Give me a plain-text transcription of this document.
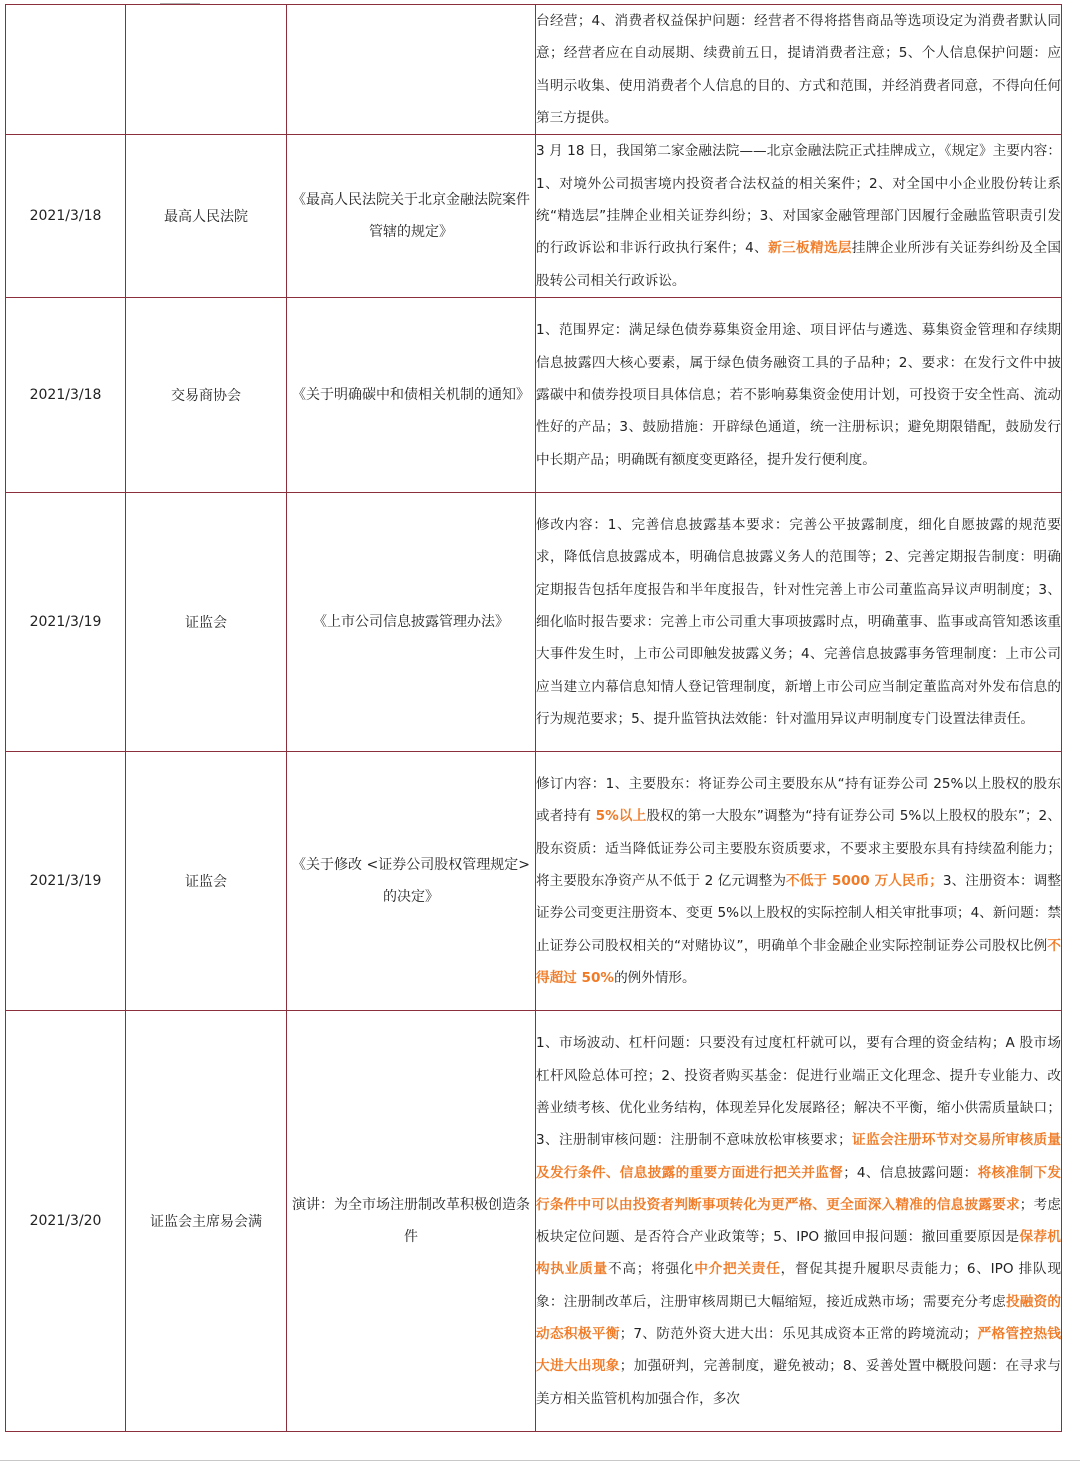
			台经营；4、消费者权益保护问题：经营者不得将搭售商品等选项设定为消费者默认同意；经营者应在自动展期、续费前五日，提请消费者注意；5、个人信息保护问题：应当明示收集、使用消费者个人信息的目的、方式和范围，并经消费者同意，不得向任何第三方提供。

2021/3/18	最高人民法院	《最高人民法院关于北京金融法院案件管辖的规定》	3 月 18 日，我国第二家金融法院——北京金融法院正式挂牌成立，《规定》主要内容：1、对境外公司损害境内投资者合法权益的相关案件；2、对全国中小企业股份转让系统“精选层”挂牌企业相关证券纠纷；3、对国家金融管理部门因履行金融监管职责引发的行政诉讼和非诉行政执行案件；4、新三板精选层挂牌企业所涉有关证券纠纷及全国股转公司相关行政诉讼。

2021/3/18	交易商协会	《关于明确碳中和债相关机制的通知》	1、范围界定：满足绿色债券募集资金用途、项目评估与遴选、募集资金管理和存续期信息披露四大核心要素，属于绿色债务融资工具的子品种；2、要求：在发行文件中披露碳中和债券投项目具体信息；若不影响募集资金使用计划，可投资于安全性高、流动性好的产品；3、鼓励措施：开辟绿色通道，统一注册标识；避免期限错配，鼓励发行中长期产品；明确既有额度变更路径，提升发行便利度。

2021/3/19	证监会	《上市公司信息披露管理办法》	修改内容：1、完善信息披露基本要求：完善公平披露制度，细化自愿披露的规范要求，降低信息披露成本，明确信息披露义务人的范围等；2、完善定期报告制度：明确定期报告包括年度报告和半年度报告，针对性完善上市公司董监高异议声明制度；3、细化临时报告要求：完善上市公司重大事项披露时点，明确董事、监事或高管知悉该重大事件发生时，上市公司即触发披露义务；4、完善信息披露事务管理制度：上市公司应当建立内幕信息知情人登记管理制度，新增上市公司应当制定董监高对外发布信息的行为规范要求；5、提升监管执法效能：针对滥用异议声明制度专门设置法律责任。

2021/3/19	证监会	《关于修改 <证券公司股权管理规定> 的决定》	修订内容：1、主要股东：将证券公司主要股东从“持有证券公司 25%以上股权的股东或者持有 5%以上股权的第一大股东”调整为“持有证券公司 5%以上股权的股东”；2、股东资质：适当降低证券公司主要股东资质要求，不要求主要股东具有持续盈利能力；将主要股东净资产从不低于 2 亿元调整为不低于 5000 万人民币；3、注册资本：调整证券公司变更注册资本、变更 5%以上股权的实际控制人相关审批事项；4、新问题：禁止证券公司股权相关的“对赌协议”，明确单个非金融企业实际控制证券公司股权比例不得超过 50%的例外情形。

2021/3/20	证监会主席易会满	演讲：为全市场注册制改革积极创造条件	1、市场波动、杠杆问题：只要没有过度杠杆就可以，要有合理的资金结构；A 股市场杠杆风险总体可控；2、投资者购买基金：促进行业端正文化理念、提升专业能力、改善业绩考核、优化业务结构，体现差异化发展路径；解决不平衡，缩小供需质量缺口；3、注册制审核问题：注册制不意味放松审核要求；证监会注册环节对交易所审核质量及发行条件、信息披露的重要方面进行把关并监督；4、信息披露问题：将核准制下发行条件中可以由投资者判断事项转化为更严格、更全面深入精准的信息披露要求；考虑板块定位问题、是否符合产业政策等；5、IPO 撤回申报问题：撤回重要原因是保荐机构执业质量不高；将强化中介把关责任，督促其提升履职尽责能力；6、IPO 排队现象：注册制改革后，注册审核周期已大幅缩短，接近成熟市场；需要充分考虑投融资的动态积极平衡；7、防范外资大进大出：乐见其成资本正常的跨境流动；严格管控热钱大进大出现象；加强研判，完善制度，避免被动；8、妥善处置中概股问题：在寻求与美方相关监管机构加强合作，多次
